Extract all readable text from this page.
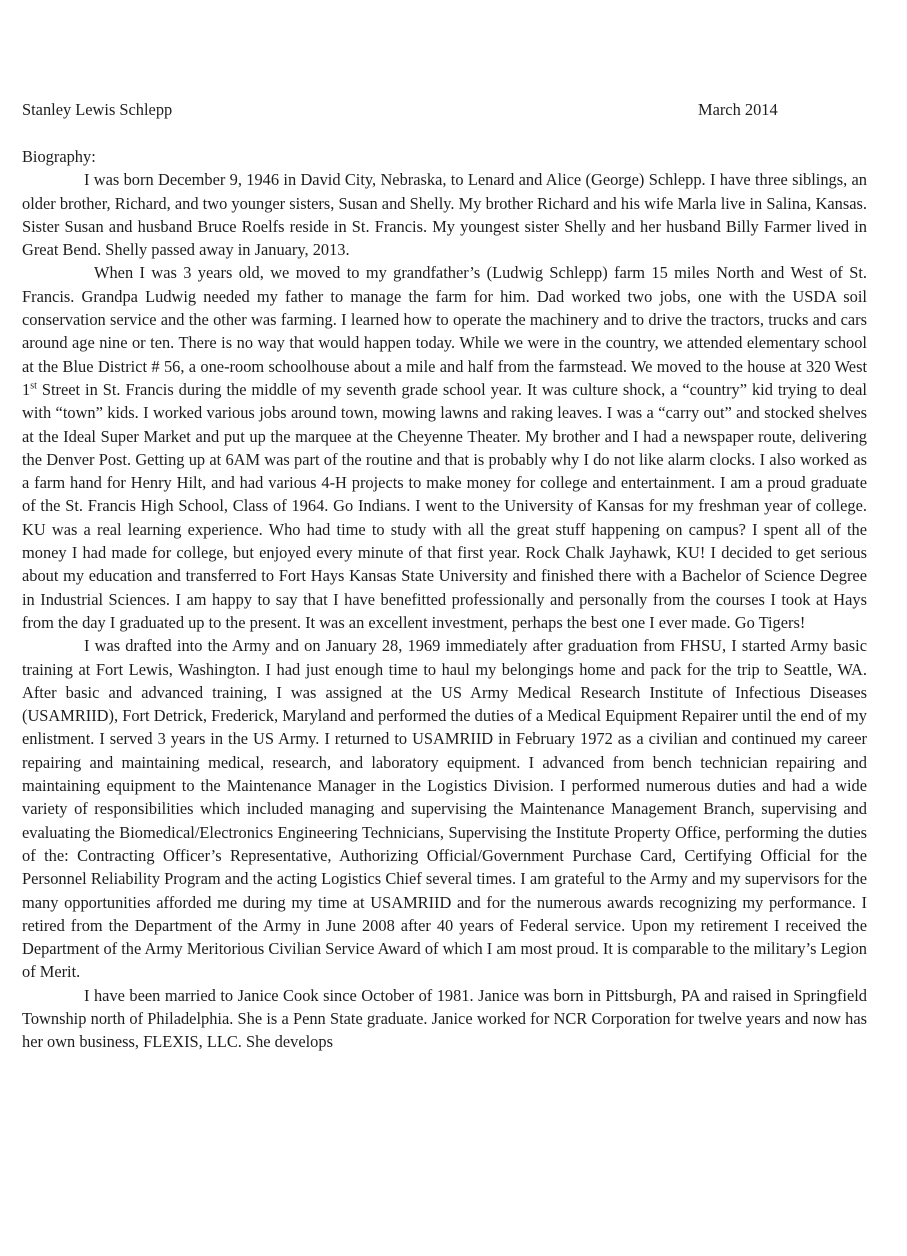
Stanley Lewis Schlepp	March 2014
Biography:

I was born December 9, 1946 in David City, Nebraska, to Lenard and Alice (George) Schlepp. I have three siblings, an older brother, Richard, and two younger sisters, Susan and Shelly. My brother Richard and his wife Marla live in Salina, Kansas. Sister Susan and husband Bruce Roelfs reside in St. Francis. My youngest sister Shelly and her husband Billy Farmer lived in Great Bend. Shelly passed away in January, 2013.

When I was 3 years old, we moved to my grandfather’s (Ludwig Schlepp) farm 15 miles North and West of St. Francis. Grandpa Ludwig needed my father to manage the farm for him. Dad worked two jobs, one with the USDA soil conservation service and the other was farming. I learned how to operate the machinery and to drive the tractors, trucks and cars around age nine or ten. There is no way that would happen today. While we were in the country, we attended elementary school at the Blue District # 56, a one-room schoolhouse about a mile and half from the farmstead. We moved to the house at 320 West 1st Street in St. Francis during the middle of my seventh grade school year. It was culture shock, a “country” kid trying to deal with “town” kids. I worked various jobs around town, mowing lawns and raking leaves. I was a “carry out” and stocked shelves at the Ideal Super Market and put up the marquee at the Cheyenne Theater. My brother and I had a newspaper route, delivering the Denver Post. Getting up at 6AM was part of the routine and that is probably why I do not like alarm clocks. I also worked as a farm hand for Henry Hilt, and had various 4-H projects to make money for college and entertainment. I am a proud graduate of the St. Francis High School, Class of 1964. Go Indians. I went to the University of Kansas for my freshman year of college. KU was a real learning experience. Who had time to study with all the great stuff happening on campus? I spent all of the money I had made for college, but enjoyed every minute of that first year. Rock Chalk Jayhawk, KU! I decided to get serious about my education and transferred to Fort Hays Kansas State University and finished there with a Bachelor of Science Degree in Industrial Sciences. I am happy to say that I have benefitted professionally and personally from the courses I took at Hays from the day I graduated up to the present. It was an excellent investment, perhaps the best one I ever made. Go Tigers!

I was drafted into the Army and on January 28, 1969 immediately after graduation from FHSU, I started Army basic training at Fort Lewis, Washington. I had just enough time to haul my belongings home and pack for the trip to Seattle, WA. After basic and advanced training, I was assigned at the US Army Medical Research Institute of Infectious Diseases (USAMRIID), Fort Detrick, Frederick, Maryland and performed the duties of a Medical Equipment Repairer until the end of my enlistment. I served 3 years in the US Army. I returned to USAMRIID in February 1972 as a civilian and continued my career repairing and maintaining medical, research, and laboratory equipment. I advanced from bench technician repairing and maintaining equipment to the Maintenance Manager in the Logistics Division. I performed numerous duties and had a wide variety of responsibilities which included managing and supervising the Maintenance Management Branch, supervising and evaluating the Biomedical/Electronics Engineering Technicians, Supervising the Institute Property Office, performing the duties of the: Contracting Officer’s Representative, Authorizing Official/Government Purchase Card, Certifying Official for the Personnel Reliability Program and the acting Logistics Chief several times. I am grateful to the Army and my supervisors for the many opportunities afforded me during my time at USAMRIID and for the numerous awards recognizing my performance. I retired from the Department of the Army in June 2008 after 40 years of Federal service. Upon my retirement I received the Department of the Army Meritorious Civilian Service Award of which I am most proud. It is comparable to the military’s Legion of Merit.

I have been married to Janice Cook since October of 1981. Janice was born in Pittsburgh, PA and raised in Springfield Township north of Philadelphia. She is a Penn State graduate. Janice worked for NCR Corporation for twelve years and now has her own business, FLEXIS, LLC. She develops
